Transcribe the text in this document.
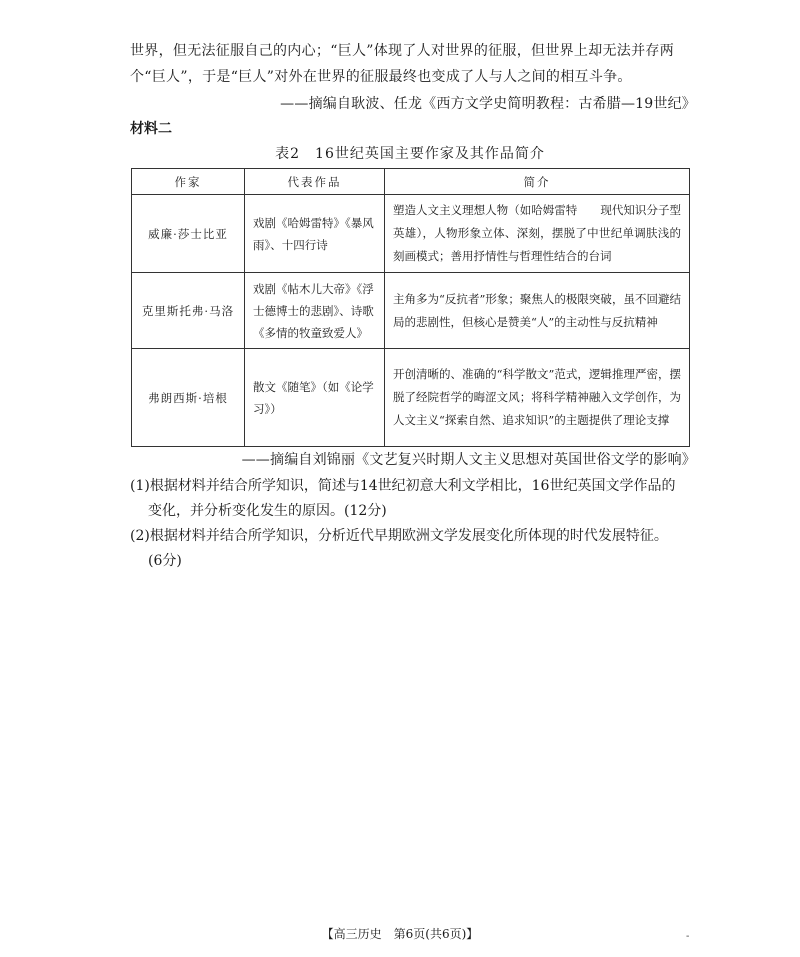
世界，但无法征服自己的内心；“巨人”体现了人对世界的征服，但世界上却无法并存两个“巨人”，于是“巨人”对外在世界的征服最终也变成了人与人之间的相互斗争。
——摘编自耿波、任龙《西方文学史简明教程：古希腊—19世纪》
材料二
表2　16世纪英国主要作家及其作品简介
作家	代表作品	简介
威廉·莎士比亚	戏剧《哈姆雷特》《暴风雨》、十四行诗	塑造人文主义理想人物（如哈姆雷特　　现代知识分子型英雄），人物形象立体、深刻，摆脱了中世纪单调肤浅的刻画模式；善用抒情性与哲理性结合的台词
克里斯托弗·马洛	戏剧《帖木儿大帝》《浮士德博士的悲剧》、诗歌《多情的牧童致爱人》	主角多为“反抗者”形象；聚焦人的极限突破，虽不回避结局的悲剧性，但核心是赞美“人”的主动性与反抗精神
弗朗西斯·培根	散文《随笔》（如《论学习》）	开创清晰的、准确的“科学散文”范式，逻辑推理严密，摆脱了经院哲学的晦涩文风；将科学精神融入文学创作，为人文主义“探索自然、追求知识”的主题提供了理论支撑
——摘编自刘锦丽《文艺复兴时期人文主义思想对英国世俗文学的影响》
(1)根据材料并结合所学知识，简述与14世纪初意大利文学相比，16世纪英国文学作品的
变化，并分析变化发生的原因。(12分)
(2)根据材料并结合所学知识，分析近代早期欧洲文学发展变化所体现的时代发展特征。
(6分)
【高三历史　第6页(共6页)】	-
